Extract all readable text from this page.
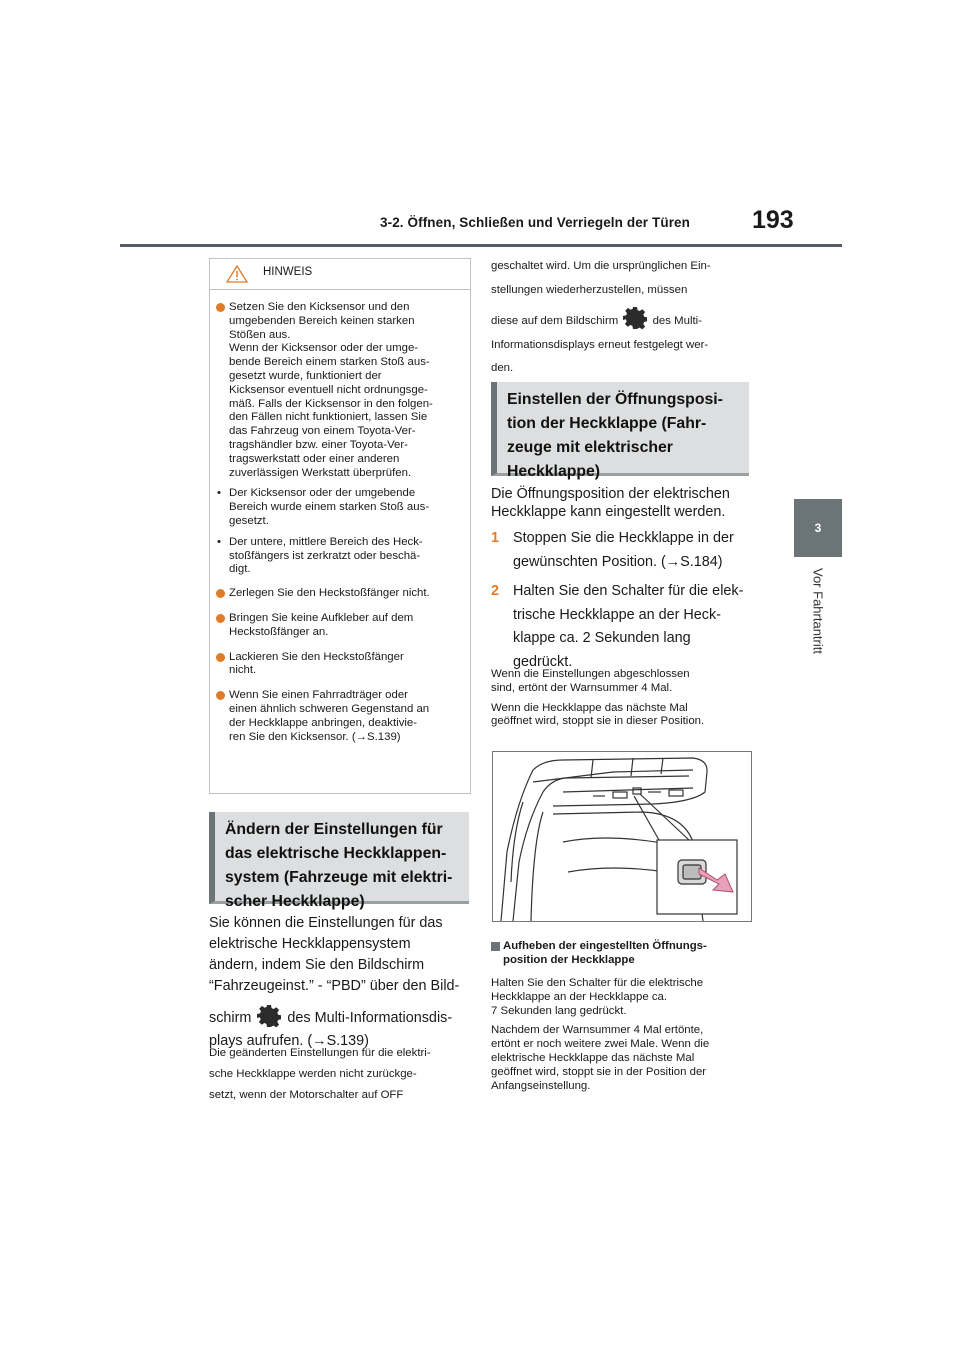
3-2. Öffnen, Schließen und Verriegeln der Türen	193
3
Vor Fahrtantritt
HINWEIS
Setzen Sie den Kicksensor und den
umgebenden Bereich keinen starken
Stößen aus.
Wenn der Kicksensor oder der umge-
bende Bereich einem starken Stoß aus-
gesetzt wurde, funktioniert der
Kicksensor eventuell nicht ordnungsge-
mäß. Falls der Kicksensor in den folgen-
den Fällen nicht funktioniert, lassen Sie
das Fahrzeug von einem Toyota-Ver-
tragshändler bzw. einer Toyota-Ver-
tragswerkstatt oder einer anderen
zuverlässigen Werkstatt überprüfen.
• Der Kicksensor oder der umgebende
Bereich wurde einem starken Stoß aus-
gesetzt.
• Der untere, mittlere Bereich des Heck-
stoßfängers ist zerkratzt oder beschä-
digt.
Zerlegen Sie den Heckstoßfänger nicht.
Bringen Sie keine Aufkleber auf dem
Heckstoßfänger an.
Lackieren Sie den Heckstoßfänger
nicht.
Wenn Sie einen Fahrradträger oder
einen ähnlich schweren Gegenstand an
der Heckklappe anbringen, deaktivie-
ren Sie den Kicksensor. (→S.139)
Ändern der Einstellungen für
das elektrische Heckklappen-
system (Fahrzeuge mit elektri-
scher Heckklappe)
Sie können die Einstellungen für das
elektrische Heckklappensystem
ändern, indem Sie den Bildschirm
“Fahrzeugeinst.” - “PBD” über den Bild-
schirm	des Multi-Informationsdis-
plays aufrufen. (→S.139)
Die geänderten Einstellungen für die elektri-
sche Heckklappe werden nicht zurückge-
setzt, wenn der Motorschalter auf OFF
geschaltet wird. Um die ursprünglichen Ein-
stellungen wiederherzustellen, müssen
diese auf dem Bildschirm	des Multi-
Informationsdisplays erneut festgelegt wer-
den.
Einstellen der Öffnungsposi-
tion der Heckklappe (Fahr-
zeuge mit elektrischer
Heckklappe)
Die Öffnungsposition der elektrischen
Heckklappe kann eingestellt werden.
1 Stoppen Sie die Heckklappe in der
gewünschten Position. (→S.184)
2 Halten Sie den Schalter für die elek-
trische Heckklappe an der Heck-
klappe ca. 2 Sekunden lang
gedrückt.

Wenn die Einstellungen abgeschlossen
sind, ertönt der Warnsummer 4 Mal.

Wenn die Heckklappe das nächste Mal
geöffnet wird, stoppt sie in dieser Position.

Aufheben der eingestellten Öffnungs-
position der Heckklappe

Halten Sie den Schalter für die elektrische
Heckklappe an der Heckklappe ca.
7 Sekunden lang gedrückt.

Nachdem der Warnsummer 4 Mal ertönte,
ertönt er noch weitere zwei Male. Wenn die
elektrische Heckklappe das nächste Mal
geöffnet wird, stoppt sie in der Position der
Anfangseinstellung.
